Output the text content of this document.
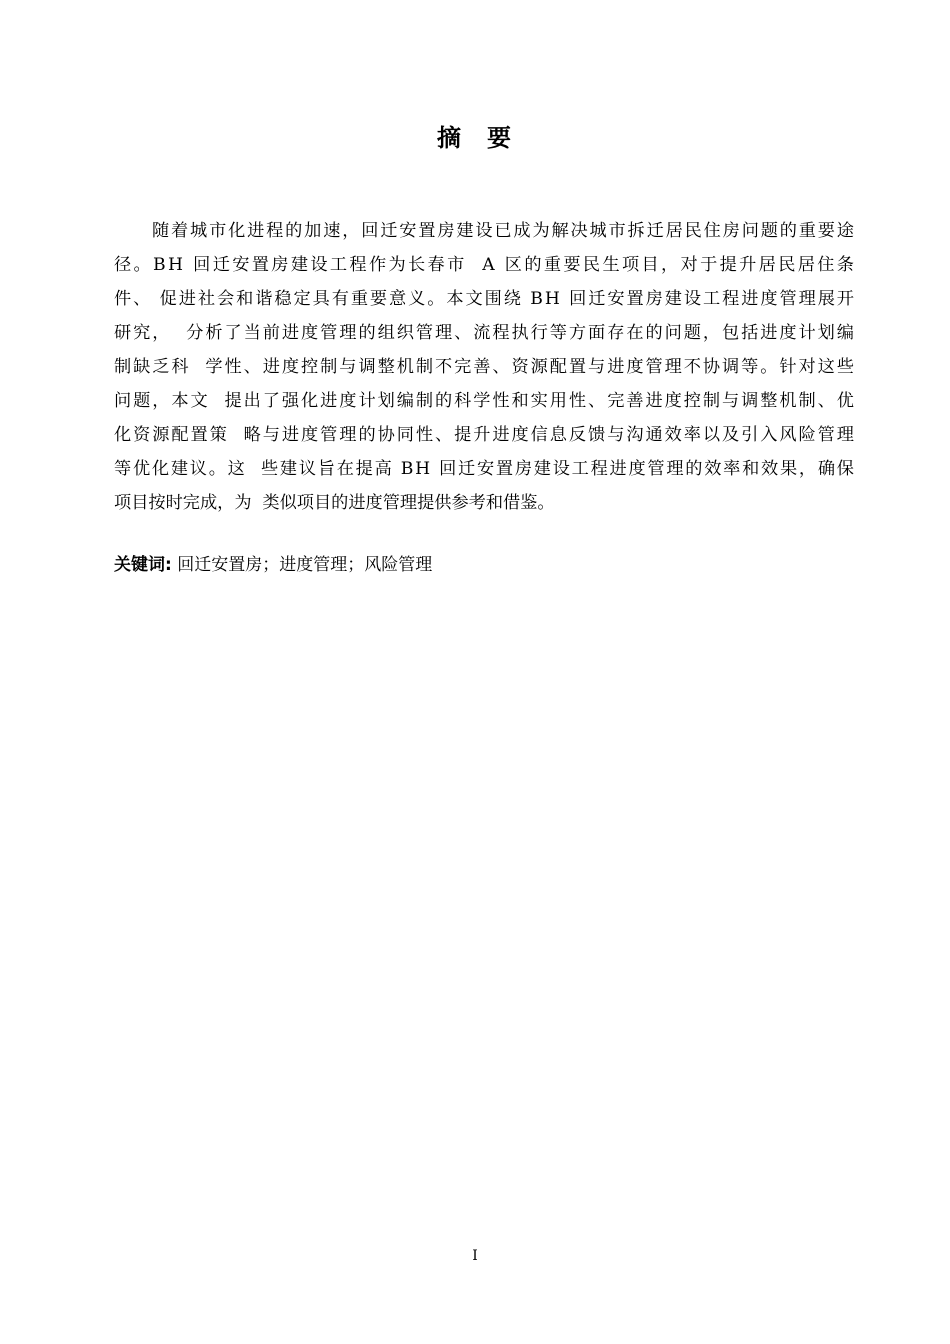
摘 要
随着城市化进程的加速，回迁安置房建设已成为解决城市拆迁居民住房问题的重要途
径。BH 回迁安置房建设工程作为长春市  A 区的重要民生项目，对于提升居民居住条
件、 促进社会和谐稳定具有重要意义。本文围绕 BH 回迁安置房建设工程进度管理展开
研究，  分析了当前进度管理的组织管理、流程执行等方面存在的问题，包括进度计划编
制缺乏科  学性、进度控制与调整机制不完善、资源配置与进度管理不协调等。针对这些
问题，本文  提出了强化进度计划编制的科学性和实用性、完善进度控制与调整机制、优
化资源配置策  略与进度管理的协同性、提升进度信息反馈与沟通效率以及引入风险管理
等优化建议。这  些建议旨在提高 BH 回迁安置房建设工程进度管理的效率和效果，确保
项目按时完成，为  类似项目的进度管理提供参考和借鉴。
关键词: 回迁安置房；进度管理；风险管理
I
